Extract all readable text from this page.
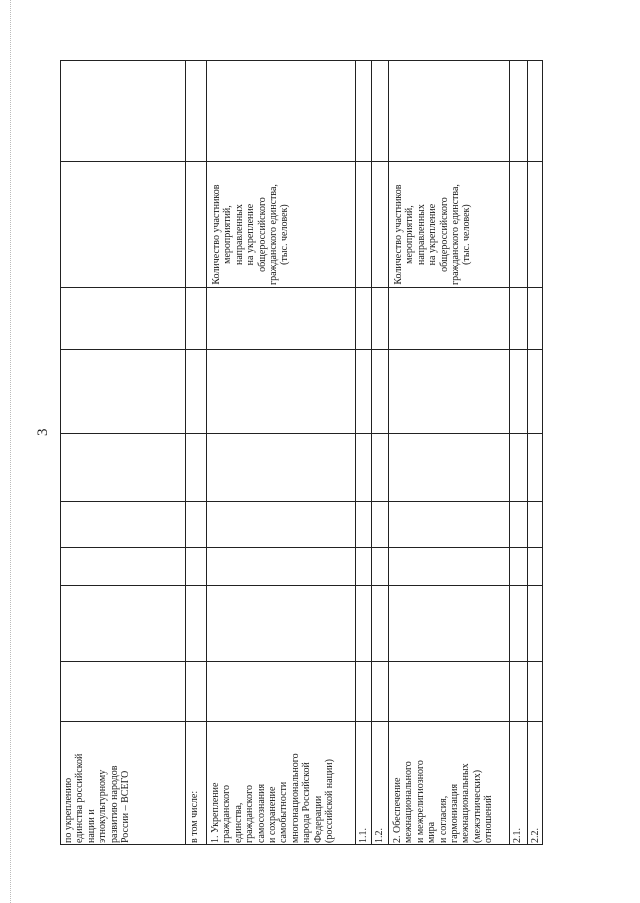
3
по укреплению
единства российской
нации и
этнокультурному
развитию народов
России – ВСЕГО
в том числе: 1. Укрепление
гражданского
единства,
гражданского
самосознания
и сохранение
самобытности
многонационального
народа Российской
Федерации
(российской нации)
1.1. 1.2. 2. Обеспечение
межнационального
и межрелигиозного
мира
и согласия,
гармонизация
межнациональных
(межэтнических)
отношений 2.1. 2.2.
Количество участников
мероприятий,
направленных
на укрепление
общероссийского
гражданского единства,
(тыс. человек)
Количество участников
мероприятий,
направленных
на укрепление
общероссийского
гражданского единства,
(тыс. человек)
